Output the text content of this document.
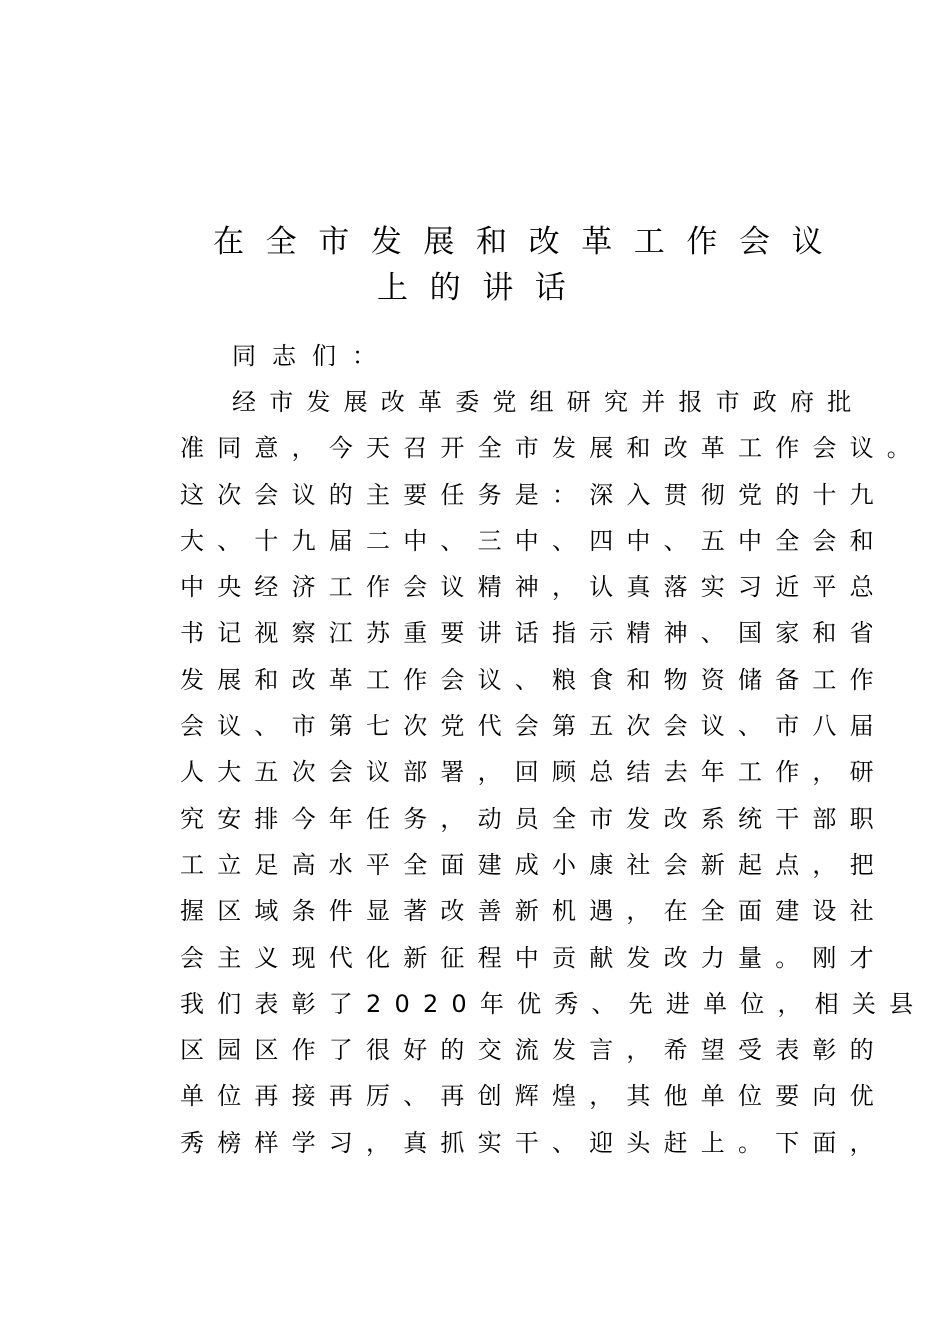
在全市发展和改革工作会议
上的讲话
同志们：
经市发展改革委党组研究并报市政府批
准同意，今天召开全市发展和改革工作会议。
这次会议的主要任务是：深入贯彻党的十九
大、十九届二中、三中、四中、五中全会和
中央经济工作会议精神，认真落实习近平总
书记视察江苏重要讲话指示精神、国家和省
发展和改革工作会议、粮食和物资储备工作
会议、市第七次党代会第五次会议、市八届
人大五次会议部署，回顾总结去年工作，研
究安排今年任务，动员全市发改系统干部职
工立足高水平全面建成小康社会新起点，把
握区域条件显著改善新机遇，在全面建设社
会主义现代化新征程中贡献发改力量。刚才
我们表彰了2020年优秀、先进单位，相关县
区园区作了很好的交流发言，希望受表彰的
单位再接再厉、再创辉煌，其他单位要向优
秀榜样学习，真抓实干、迎头赶上。下面，
